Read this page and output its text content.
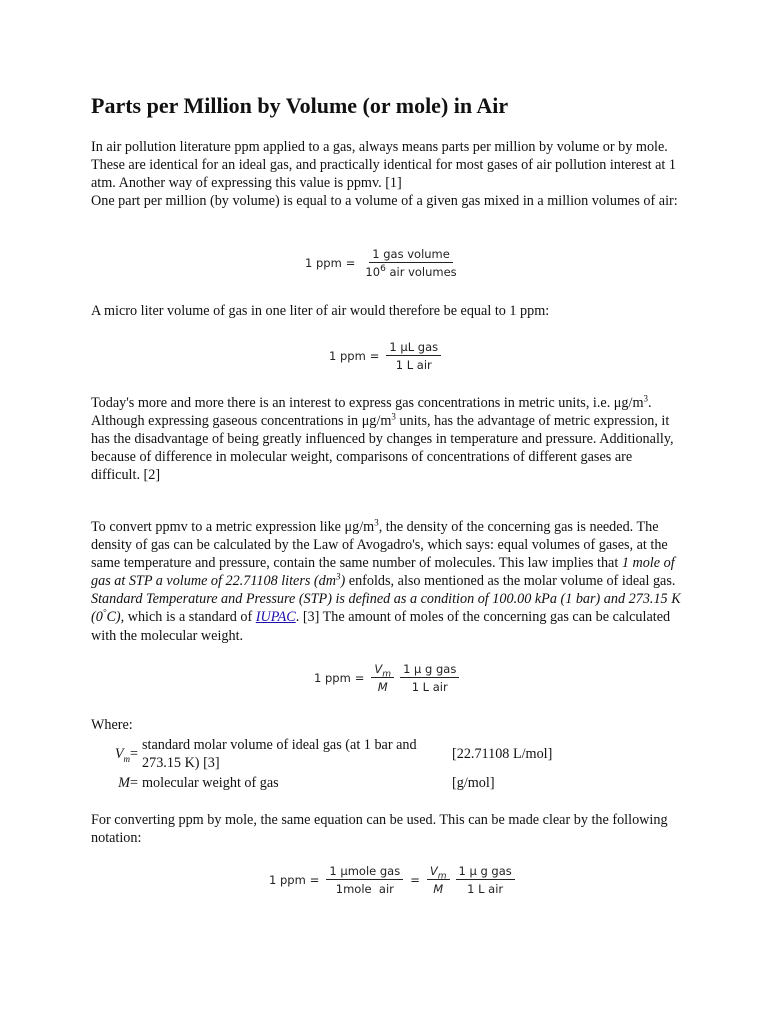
Parts per Million by Volume (or mole) in Air

In air pollution literature ppm applied to a gas, always means parts per million by volume or by mole. These are identical for an ideal gas, and practically identical for most gases of air pollution interest at 1 atm. Another way of expressing this value is ppmv. [1]

One part per million (by volume) is equal to a volume of a given gas mixed in a million volumes of air:

1 ppm = $\frac{\text{1 gas volume}}{10^6 air volumes}$

A micro liter volume of gas in one liter of air would therefore be equal to 1 ppm:

1 ppm = $\frac{\text{1 μL gas}}{\text{1 L air}}$

Today's more and more there is an interest to express gas concentrations in metric units, i.e. $\mu g/m^3$. Although expressing gaseous concentrations in $\mu g/m^3$ units, has the advantage of metric expression, it has the disadvantage of being greatly influenced by changes in temperature and pressure. Additionally, because of difference in molecular weight, comparisons of concentrations of different gases are difficult. [2]

To convert ppmv to a metric expression like $\mu g/m^3$, the density of the concerning gas is needed. The density of gas can be calculated by the Law of Avogadro's, which says: equal volumes of gases, at the same temperature and pressure, contain the same number of molecules. This law implies that 1 mole of gas at STP a volume of 22.71108 liters $(dm^3)$ enfolds, also mentioned as the molar volume of ideal gas. Standard Temperature and Pressure (STP) is defined as a condition of 100.00 kPa (1 bar) and 273.15 K (0°C), which is a standard of IUPAC. [3] The amount of moles of the concerning gas can be calculated with the molecular weight.

1 ppm = $\frac{V_m}{M} \frac{\text{1 μ g gas}}{\text{1 L air}}$

Where:

$V_m$	=	standard molar volume of ideal gas (at 1 bar and 273.15 K) [3]	[22.71108 L/mol]
M	=	molecular weight of gas	[g/mol]

For converting ppm by mole, the same equation can be used. This can be made clear by the following notation:

1 ppm = $\frac{\text{1 μmole gas}}{\text{1mole  air}} = \frac{V_m}{M} \frac{\text{1 μ g gas}}{\text{1 L air}}$
